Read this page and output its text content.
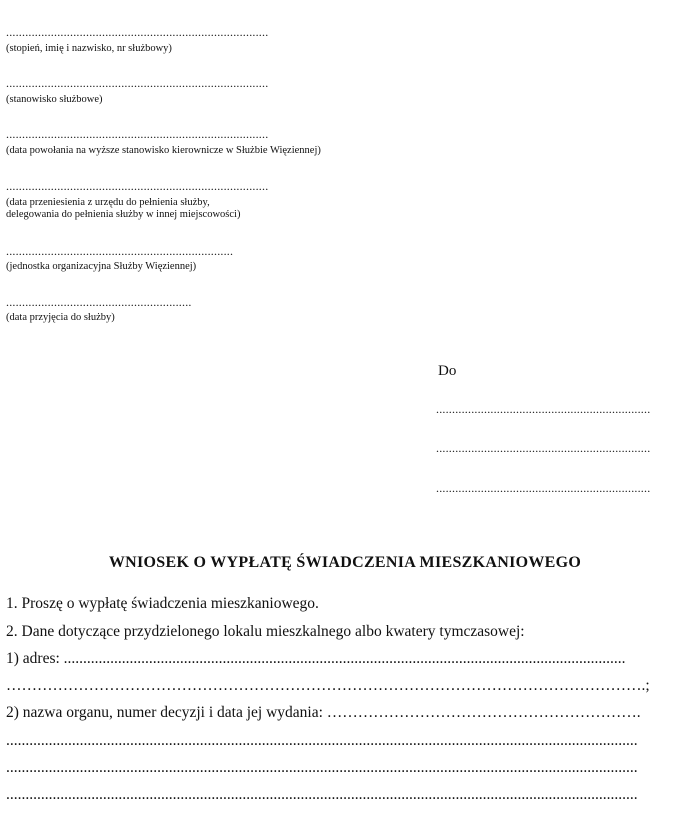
..................................................................................
(stopień, imię i nazwisko, nr służbowy)
..................................................................................
(stanowisko służbowe)
..................................................................................
(data powołania na wyższe stanowisko kierownicze w Służbie Więziennej)
..................................................................................
(data przeniesienia z urzędu do pełnienia służby,
delegowania do pełnienia służby w innej miejscowości)
.......................................................................
(jednostka organizacyjna Służby Więziennej)
..........................................................
(data przyjęcia do służby)
Do
...................................................................
...................................................................
...................................................................
WNIOSEK O WYPŁATĘ ŚWIADCZENIA MIESZKANIOWEGO
1. Proszę o wypłatę świadczenia mieszkaniowego.
2. Dane dotyczące przydzielonego lokalu mieszkalnego albo kwatery tymczasowej:
1) adres: .................................................................................................................................................
…………………………………………………………………………………………………………….;
2) nazwa organu, numer decyzji i data jej wydania: …………………………………………………….
...................................................................................................................................................................
...................................................................................................................................................................
...................................................................................................................................................................
